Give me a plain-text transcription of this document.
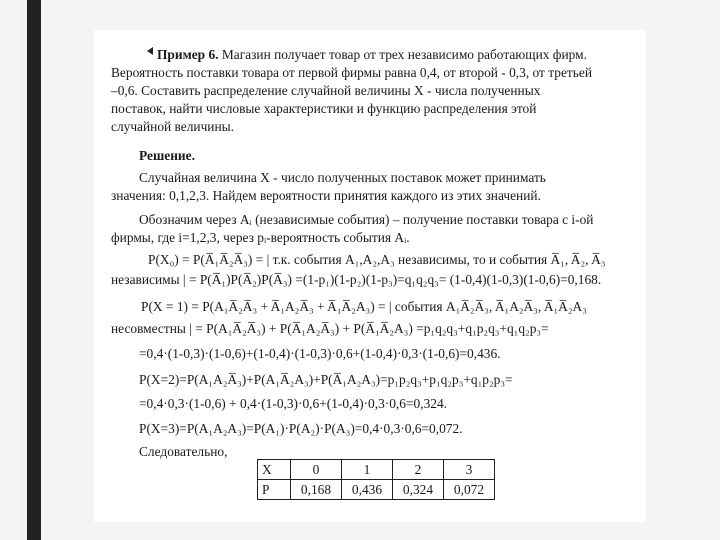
Пример 6. Магазин получает товар от трех независимо работающих фирм.
Вероятность поставки товара от первой фирмы равна 0,4, от второй - 0,3, от третьей
–0,6. Составить распределение случайной величины X - числа полученных
поставок, найти числовые характеристики и функцию распределения этой
случайной величины.
Решение.
Случайная величина X - число полученных поставок может принимать
значения: 0,1,2,3. Найдем вероятности принятия каждого из этих значений.
Обозначим через Aᵢ (независимые события) – получение поставки товара с i-ой
фирмы, где i=1,2,3, через pᵢ-вероятность события Aᵢ.
P(X₀) = P(A̅₁A̅₂A̅₃) = | т.к. события A₁,A₂,A₃ независимы, то и события A̅₁, A̅₂, A̅₃
независимы | = P(A̅₁)P(A̅₂)P(A̅₃) =(1-p₁)(1-p₂)(1-p₃)=q₁q₂q₃= (1-0,4)(1-0,3)(1-0,6)=0,168.
P(X = 1) = P(A₁A̅₂A̅₃ + A̅₁A₂A̅₃ + A̅₁A̅₂A₃) = | события A₁A̅₂A̅₃, A̅₁A₂A̅₃, A̅₁A̅₂A₃
несовместны | = P(A₁A̅₂A̅₃) + P(A̅₁A₂A̅₃) + P(A̅₁A̅₂A₃) =p₁q₂q₃+q₁p₂q₃+q₁q₂p₃=
=0,4·(1-0,3)·(1-0,6)+(1-0,4)·(1-0,3)·0,6+(1-0,4)·0,3·(1-0,6)=0,436.
P(X=2)=P(A₁A₂A̅₃)+P(A₁A̅₂A₃)+P(A̅₁A₂A₃)=p₁p₂q₃+p₁q₂p₃+q₁p₂p₃=
=0,4·0,3·(1-0,6) + 0,4·(1-0,3)·0,6+(1-0,4)·0,3·0,6=0,324.
P(X=3)=P(A₁A₂A₃)=P(A₁)·P(A₂)·P(A₃)=0,4·0,3·0,6=0,072.
Следовательно,
X	0	1	2	3
P	0,168	0,436	0,324	0,072
